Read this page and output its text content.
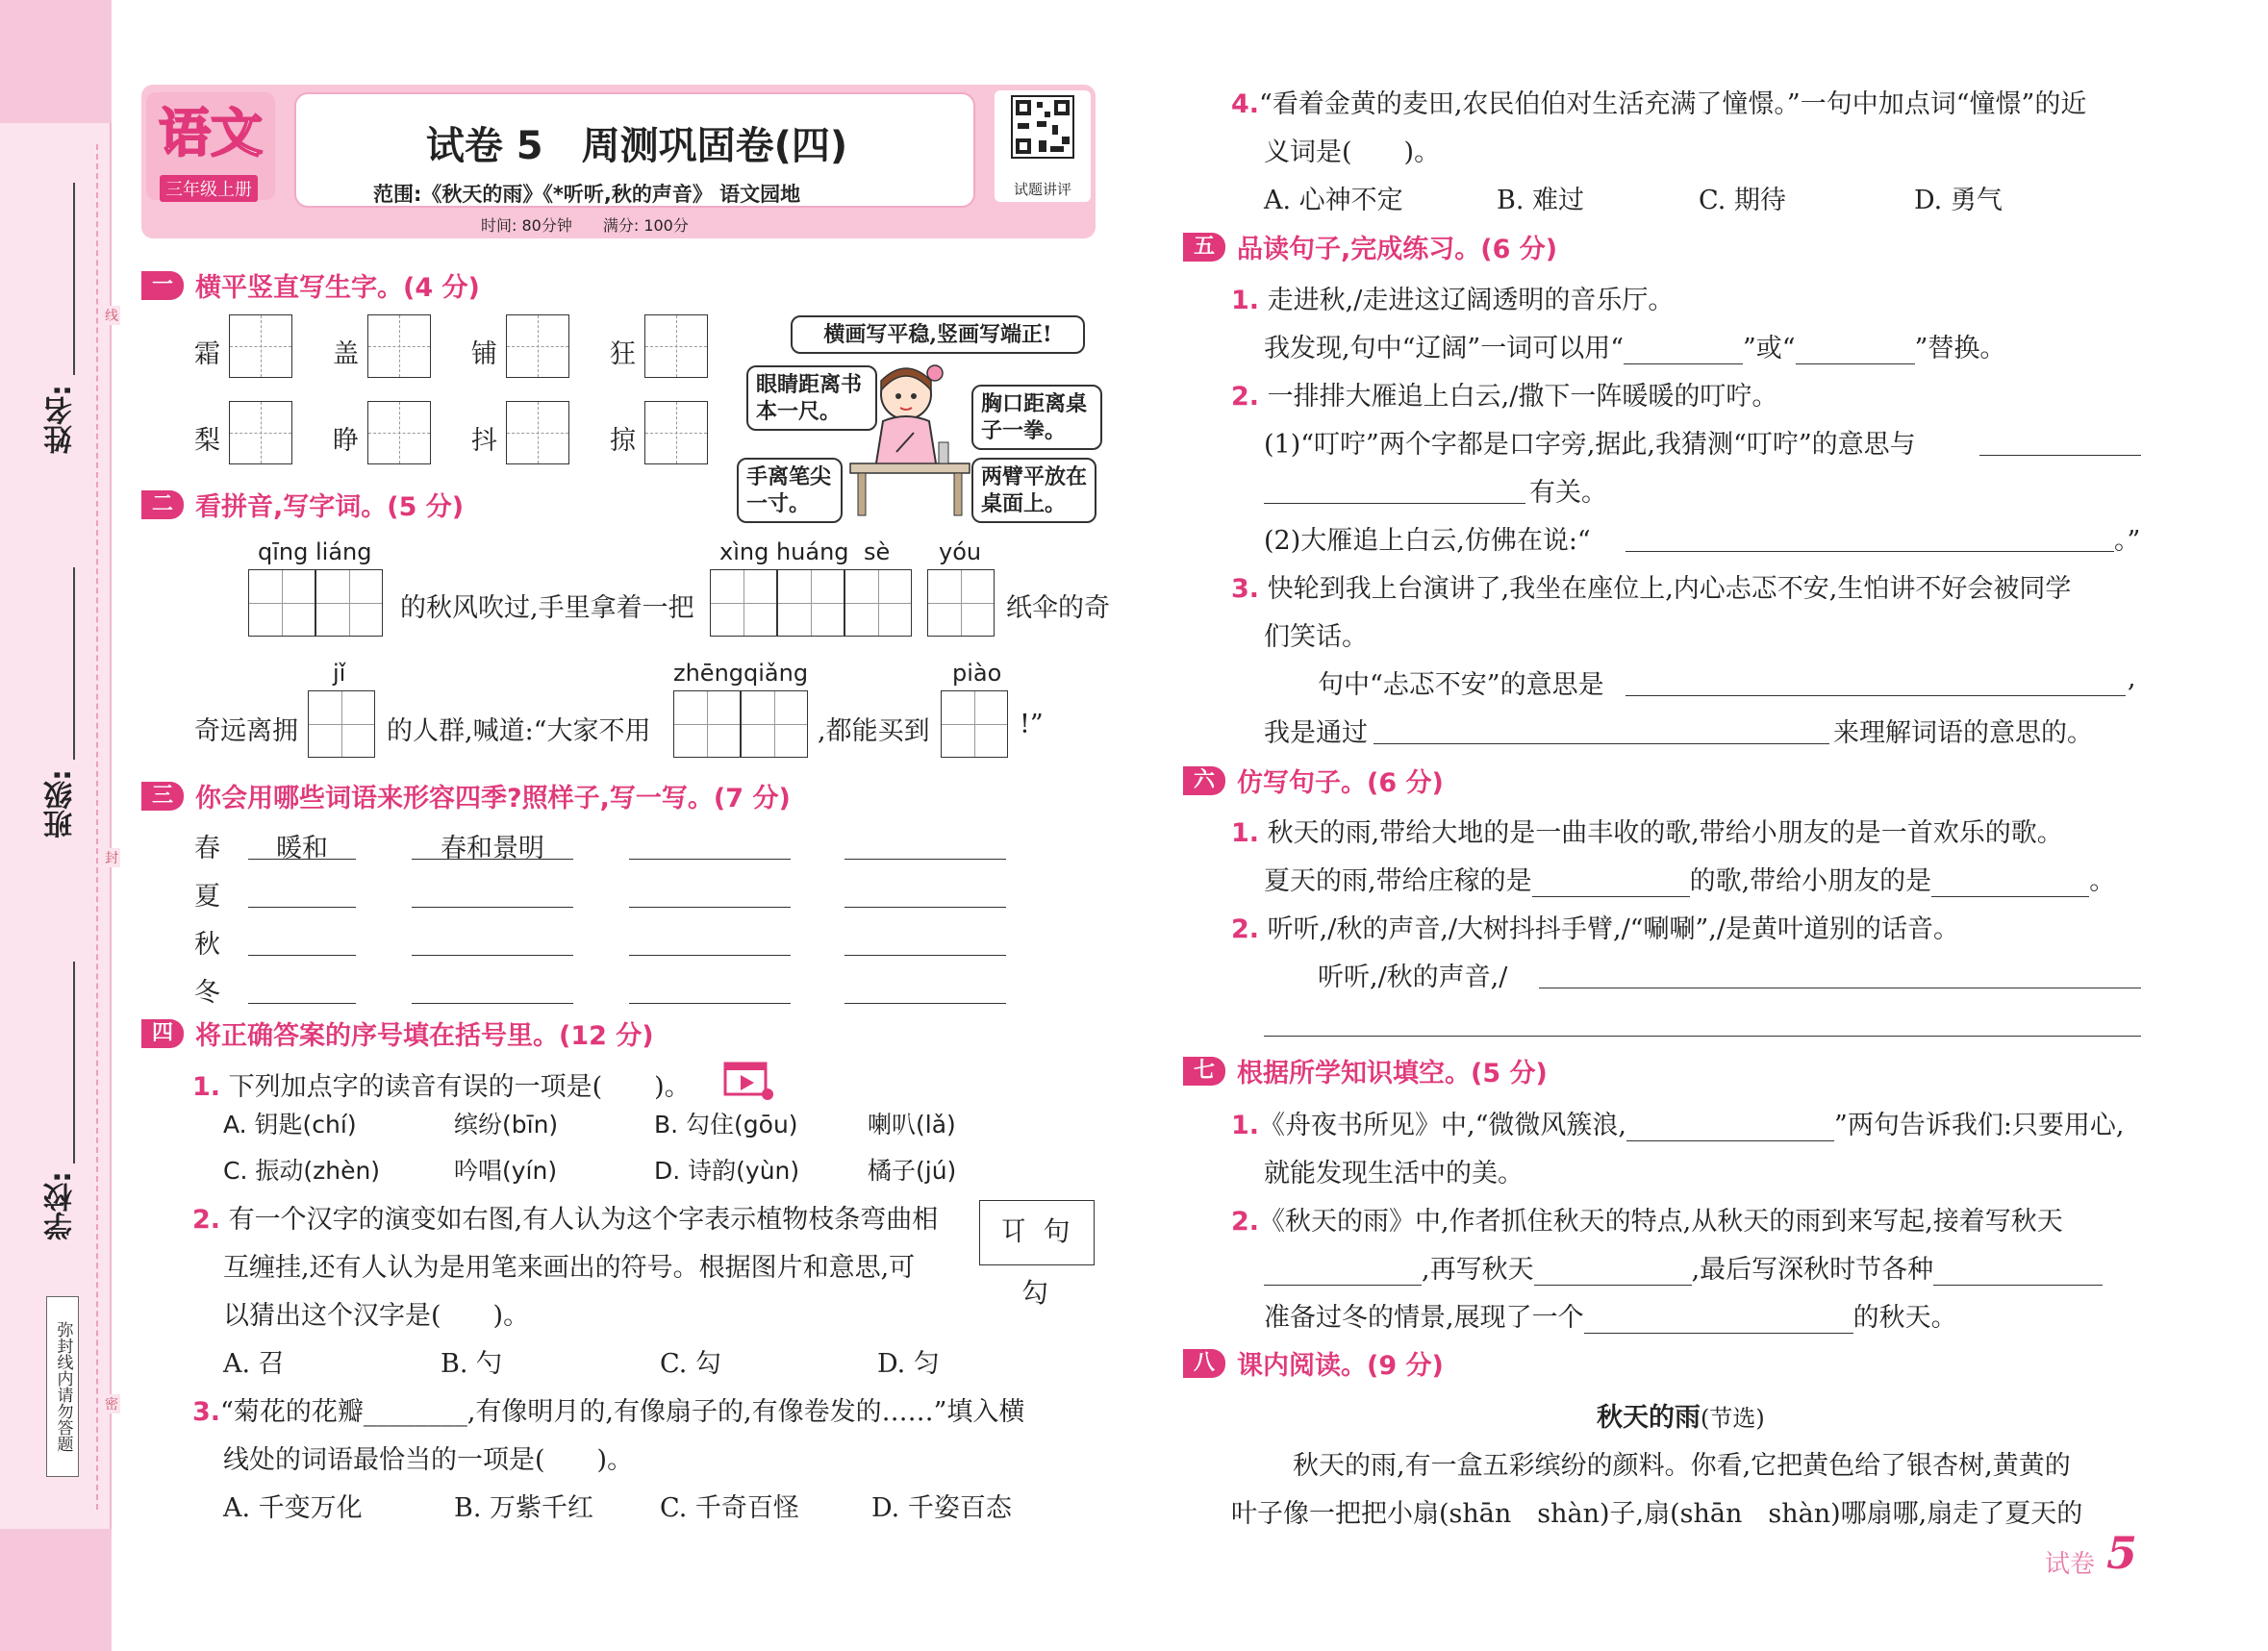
线
封
密
姓名:
班级:
学校:
弥封线内请勿答题
语文
三年级上册
试卷 5　周测巩固卷(四)
范围:《秋天的雨》《*听听,秋的声音》 语文园地
时间: 80分钟　　满分: 100分
试题讲评
一 横平竖直写生字。(4 分)
霜	盖	铺	狂
梨	睁	抖	掠
横画写平稳,竖画写端正!
眼睛距离书本一尺。	胸口距离桌子一拳。
手离笔尖一寸。
两臂平放在桌面上。
二 看拼音,写字词。(5 分)
qīng liáng
的秋风吹过,手里拿着一把
xìng huáng sè yóu
纸伞的奇
奇远离拥
jǐ
的人群,喊道:“大家不用
zhēngqiǎng
,都能买到
piào
!”
三 你会用哪些词语来形容四季?照样子,写一写。(7 分)
春	暖和	春和景明
夏
秋
冬
四 将正确答案的序号填在括号里。(12 分)
1. 下列加点字的读音有误的一项是(　　)。
A. 钥匙(chí)	缤纷(bīn)	B. 勾住(gōu)	喇叭(lǎ)
C. 振动(zhèn)	吟唱(yín)	D. 诗韵(yùn)	橘子(jú)
2. 有一个汉字的演变如右图,有人认为这个字表示植物枝条弯曲相
互缠挂,还有人认为是用笔来画出的符号。根据图片和意思,可
以猜出这个汉字是(　　)。
㔿 句 勾
A. 召	B. 勺	C. 勾	D. 匀
3.“菊花的花瓣________,有像明月的,有像扇子的,有像卷发的……”填入横
线处的词语最恰当的一项是(　　)。
A. 千变万化	B. 万紫千红	C. 千奇百怪	D. 千姿百态
4.“看着金黄的麦田,农民伯伯对生活充满了憧憬。”一句中加点词“憧憬”的近
义词是(　　)。
A. 心神不定	B. 难过	C. 期待	D. 勇气
五 品读句子,完成练习。(6 分)
1. 走进秋,/走进这辽阔透明的音乐厅。
我发现,句中“辽阔”一词可以用“	”或“	”替换。
2. 一排排大雁追上白云,/撒下一阵暖暖的叮咛。
(1)“叮咛”两个字都是口字旁,据此,我猜测“叮咛”的意思与
有关。
(2)大雁追上白云,仿佛在说:“	。”
3. 快轮到我上台演讲了,我坐在座位上,内心忐忑不安,生怕讲不好会被同学
们笑话。
句中“忐忑不安”的意思是	,
我是通过	来理解词语的意思的。
六 仿写句子。(6 分)
1. 秋天的雨,带给大地的是一曲丰收的歌,带给小朋友的是一首欢乐的歌。
夏天的雨,带给庄稼的是	的歌,带给小朋友的是	。
2. 听听,/秋的声音,/大树抖抖手臂,/“唰唰”,/是黄叶道别的话音。
听听,/秋的声音,/
七 根据所学知识填空。(5 分)
1.《舟夜书所见》中,“微微风簇浪,	”两句告诉我们:只要用心,
就能发现生活中的美。
2.《秋天的雨》中,作者抓住秋天的特点,从秋天的雨到来写起,接着写秋天
,再写秋天	,最后写深秋时节各种
准备过冬的情景,展现了一个	的秋天。
八 课内阅读。(9 分)
秋天的雨(节选)
秋天的雨,有一盒五彩缤纷的颜料。你看,它把黄色给了银杏树,黄黄的
叶子像一把把小扇(shān　shàn)子,扇(shān　shàn)哪扇哪,扇走了夏天的
试卷 5
